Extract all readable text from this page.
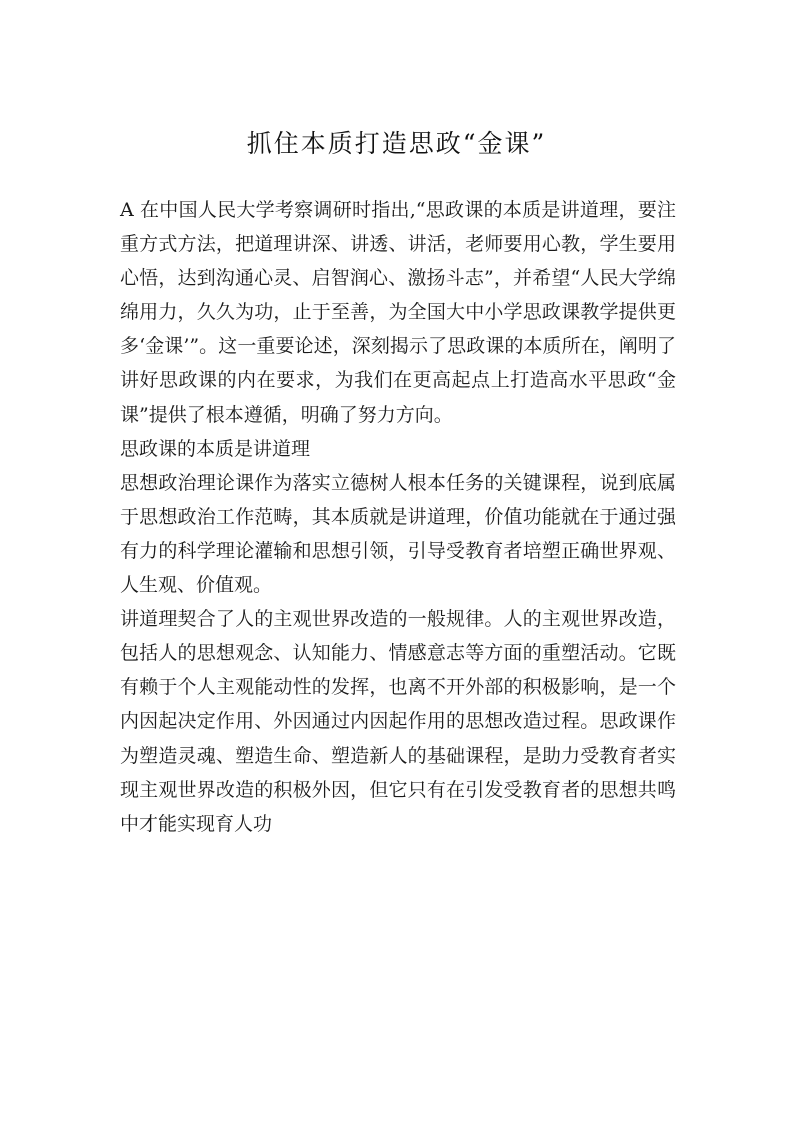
抓住本质打造思政“金课”

A 在中国人民大学考察调研时指出,“思政课的本质是讲道理，要注重方式方法，把道理讲深、讲透、讲活，老师要用心教，学生要用心悟，达到沟通心灵、启智润心、激扬斗志”，并希望“人民大学绵绵用力，久久为功，止于至善，为全国大中小学思政课教学提供更多‘金课’”。这一重要论述，深刻揭示了思政课的本质所在，阐明了讲好思政课的内在要求，为我们在更高起点上打造高水平思政“金课”提供了根本遵循，明确了努力方向。

思政课的本质是讲道理

思想政治理论课作为落实立德树人根本任务的关键课程，说到底属于思想政治工作范畴，其本质就是讲道理，价值功能就在于通过强有力的科学理论灌输和思想引领，引导受教育者培塑正确世界观、人生观、价值观。

讲道理契合了人的主观世界改造的一般规律。人的主观世界改造，包括人的思想观念、认知能力、情感意志等方面的重塑活动。它既有赖于个人主观能动性的发挥，也离不开外部的积极影响，是一个内因起决定作用、外因通过内因起作用的思想改造过程。思政课作为塑造灵魂、塑造生命、塑造新人的基础课程，是助力受教育者实现主观世界改造的积极外因，但它只有在引发受教育者的思想共鸣中才能实现育人功
